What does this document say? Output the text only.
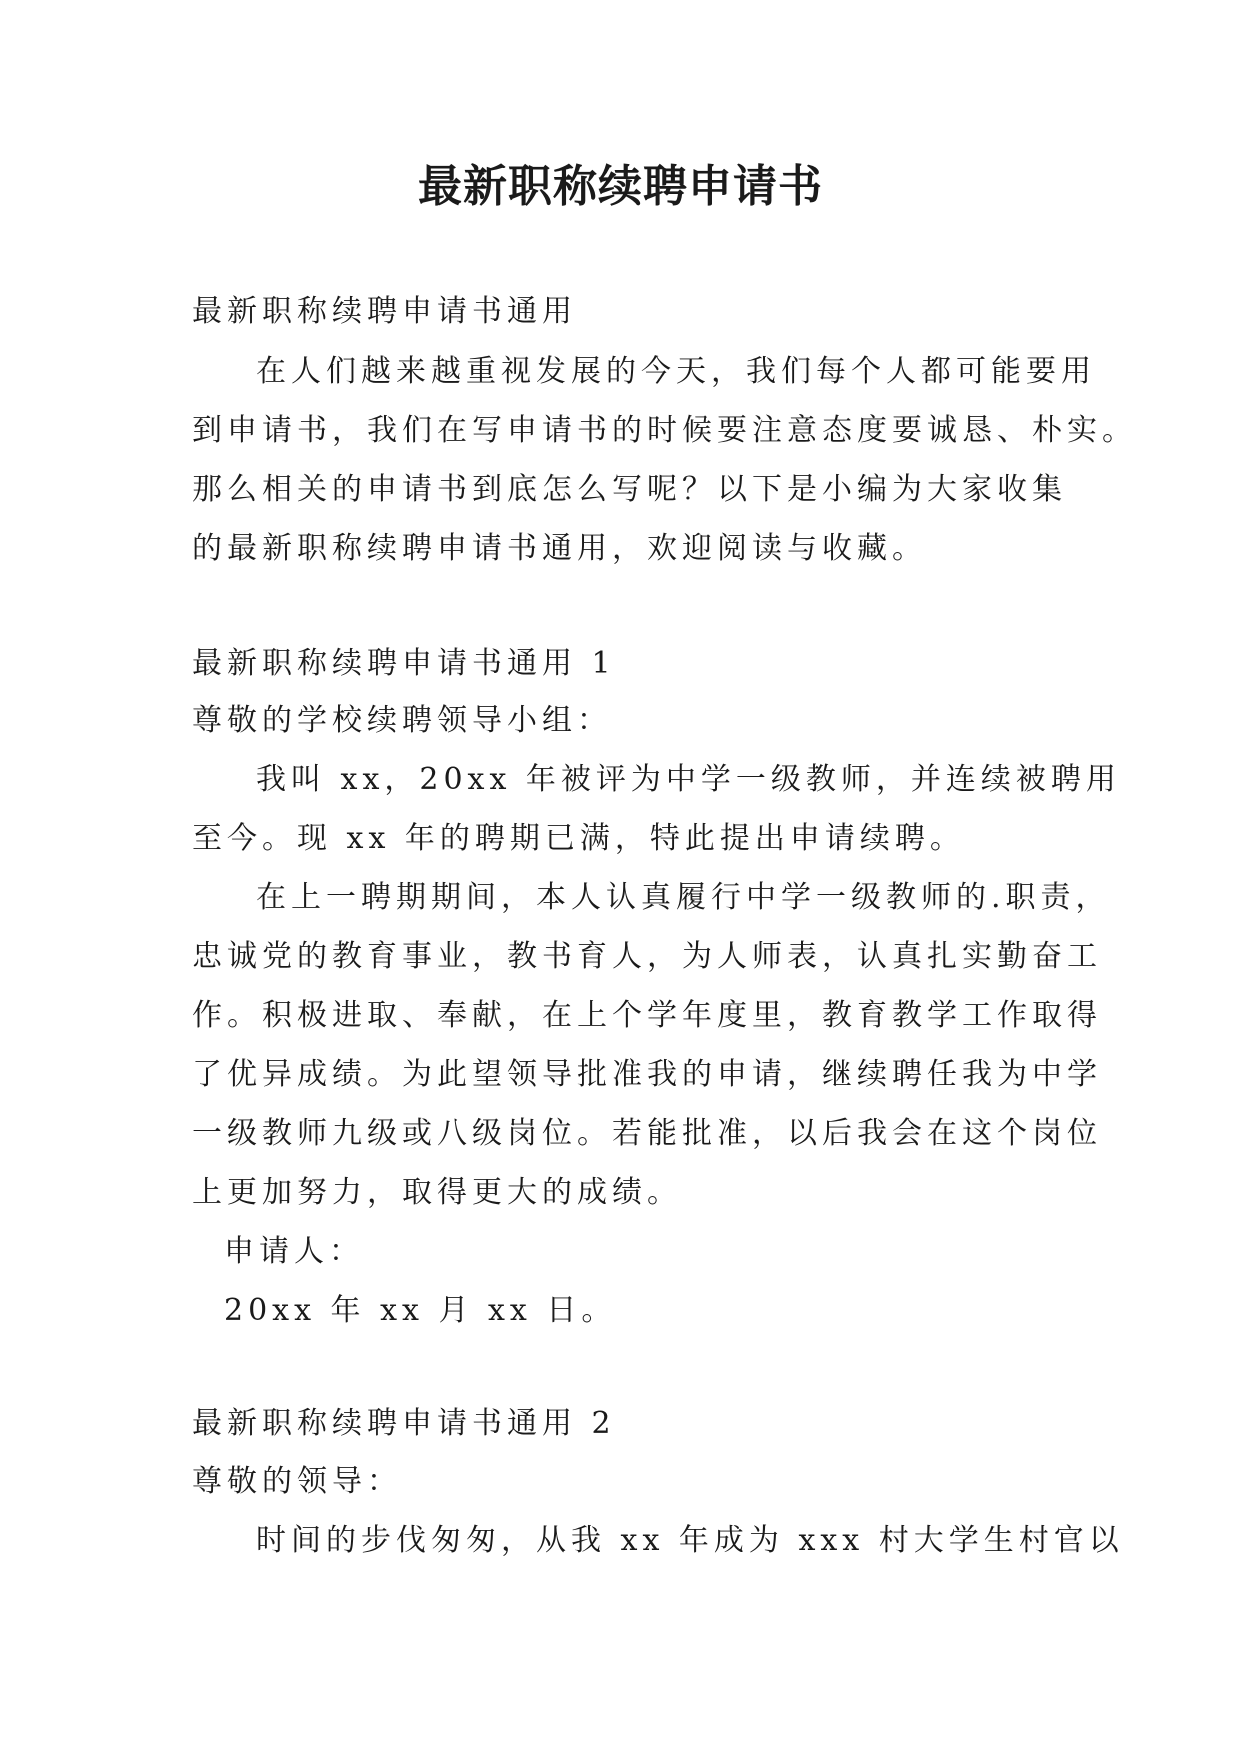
最新职称续聘申请书

最新职称续聘申请书通用

在人们越来越重视发展的今天，我们每个人都可能要用

到申请书，我们在写申请书的时候要注意态度要诚恳、朴实。

那么相关的申请书到底怎么写呢？以下是小编为大家收集

的最新职称续聘申请书通用，欢迎阅读与收藏。

最新职称续聘申请书通用 1

尊敬的学校续聘领导小组：

我叫 xx，20xx 年被评为中学一级教师，并连续被聘用

至今。现 xx 年的聘期已满，特此提出申请续聘。

在上一聘期期间，本人认真履行中学一级教师的.职责，

忠诚党的教育事业，教书育人，为人师表，认真扎实勤奋工

作。积极进取、奉献，在上个学年度里，教育教学工作取得

了优异成绩。为此望领导批准我的申请，继续聘任我为中学

一级教师九级或八级岗位。若能批准，以后我会在这个岗位

上更加努力，取得更大的成绩。

申请人：

20xx 年 xx 月 xx 日。

最新职称续聘申请书通用 2

尊敬的领导：

时间的步伐匆匆，从我 xx 年成为 xxx 村大学生村官以
